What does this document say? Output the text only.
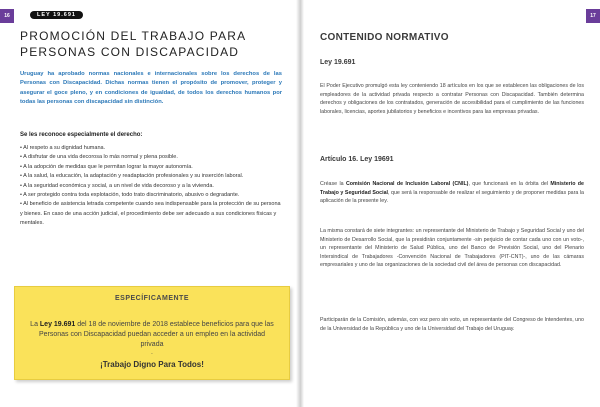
16	LEY 19.691
PROMOCIÓN DEL TRABAJO PARA PERSONAS CON DISCAPACIDAD

Uruguay ha aprobado normas nacionales e internacionales sobre los derechos de las Personas con Discapacidad. Dichas normas tienen el propósito de promover, proteger y asegurar el goce pleno, y en condiciones de igualdad, de todos los derechos humanos por todas las personas con discapacidad sin distinción.

Se les reconoce especialmente el derecho:
• Al respeto a su dignidad humana.
• A disfrutar de una vida decorosa lo más normal y plena posible.
• A la adopción de medidas que le permitan lograr la mayor autonomía.
• A la salud, la educación, la adaptación y readaptación profesionales y su inserción laboral.
• A la seguridad económica y social, a un nivel de vida decoroso y a la vivienda.
• A ser protegido contra toda explotación, todo trato discriminatorio, abusivo o degradante.
• Al beneficio de asistencia letrada competente cuando sea indispensable para la protección de su persona y bienes. En caso de una acción judicial, el procedimiento debe ser adecuado a sus condiciones físicas y mentales.
ESPECÍFICAMENTE
La Ley 19.691 del 18 de noviembre de 2018 establece beneficios para que las Personas con Discapacidad puedan acceder a un empleo en la actividad privada
.
¡Trabajo Digno Para Todos!
17
CONTENIDO NORMATIVO
Ley 19.691

El Poder Ejecutivo promulgó esta ley conteniendo 18 artículos en los que se establecen las obligaciones de los empleadores de la actividad privada respecto a contratar Personas con Discapacidad. También determina derechos y obligaciones de los contratados, generación de accesibilidad para el cumplimiento de las funciones laborales, licencias, aportes jubilatorios y beneficios e incentivos para las empresas privadas.

Artículo 16. Ley 19691

Créase la Comisión Nacional de Inclusión Laboral (CNIL), que funcionará en la órbita del Ministerio de Trabajo y Seguridad Social, que será la responsable de realizar el seguimiento y de proponer medidas para la aplicación de la presente ley.

La misma constará de siete integrantes: un representante del Ministerio de Trabajo y Seguridad Social y uno del Ministerio de Desarrollo Social, que la presidirán conjuntamente -sin perjuicio de contar cada uno con un voto-, un representante del Ministerio de Salud Pública, uno del Banco de Previsión Social, uno del Plenario Intersindical de Trabajadores -Convención Nacional de Trabajadores (PIT-CNT)-, uno de las cámaras empresariales y uno de las organizaciones de la sociedad civil del área de personas con discapacidad.

Participarán de la Comisión, además, con voz pero sin voto, un representante del Congreso de Intendentes, uno de la Universidad de la República y uno de la Universidad del Trabajo del Uruguay.
